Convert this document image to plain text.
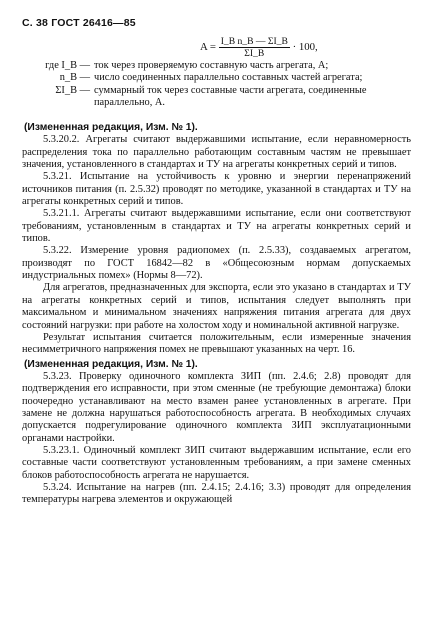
С. 38 ГОСТ 26416—85
$A = \frac{\text{I\_B n\_B — ΣI\_B}}{\Sigma I\_B} \cdot 100$,

где I_B — ток через проверяемую составную часть агрегата, А;

n_B — число соединенных параллельно составных частей агрегата;

ΣI_B — суммарный ток через составные части агрегата, соединенные параллельно, А.

(Измененная редакция, Изм. № 1).

5.3.20.2. Агрегаты считают выдержавшими испытание, если неравномерность распределения тока по параллельно работающим составным частям не превышает значения, установленного в стандартах и ТУ на агрегаты конкретных серий и типов.

5.3.21. Испытание на устойчивость к уровню и энергии перенапряжений источников питания (п. 2.5.32) проводят по методике, указанной в стандартах и ТУ на агрегаты конкретных серий и типов.

5.3.21.1. Агрегаты считают выдержавшими испытание, если они соответствуют требованиям, установленным в стандартах и ТУ на агрегаты конкретных серий и типов.

5.3.22. Измерение уровня радиопомех (п. 2.5.33), создаваемых агрегатом, производят по ГОСТ 16842—82 в «Общесоюзным нормам допускаемых индустриальных помех» (Нормы 8—72).

Для агрегатов, предназначенных для экспорта, если это указано в стандартах и ТУ на агрегаты конкретных серий и типов, испытания следует выполнять при максимальном и минимальном значениях напряжения питания агрегата для двух состояний нагрузки: при работе на холостом ходу и номинальной активной нагрузке.

Результат испытания считается положительным, если измеренные значения несимметричного напряжения помех не превышают указанных на черт. 16.

(Измененная редакция, Изм. № 1).

5.3.23. Проверку одиночного комплекта ЗИП (пп. 2.4.6; 2.8) проводят для подтверждения его исправности, при этом сменные (не требующие демонтажа) блоки поочередно устанавливают на место взамен ранее установленных в агрегате. При замене не должна нарушаться работоспособность агрегата. В необходимых случаях допускается подрегулирование одиночного комплекта ЗИП эксплуатационными органами настройки.

5.3.23.1. Одиночный комплект ЗИП считают выдержавшим испытание, если его составные части соответствуют установленным требованиям, а при замене сменных блоков работоспособность агрегата не нарушается.

5.3.24. Испытание на нагрев (пп. 2.4.15; 2.4.16; 3.3) проводят для определения температуры нагрева элементов и окружающей
